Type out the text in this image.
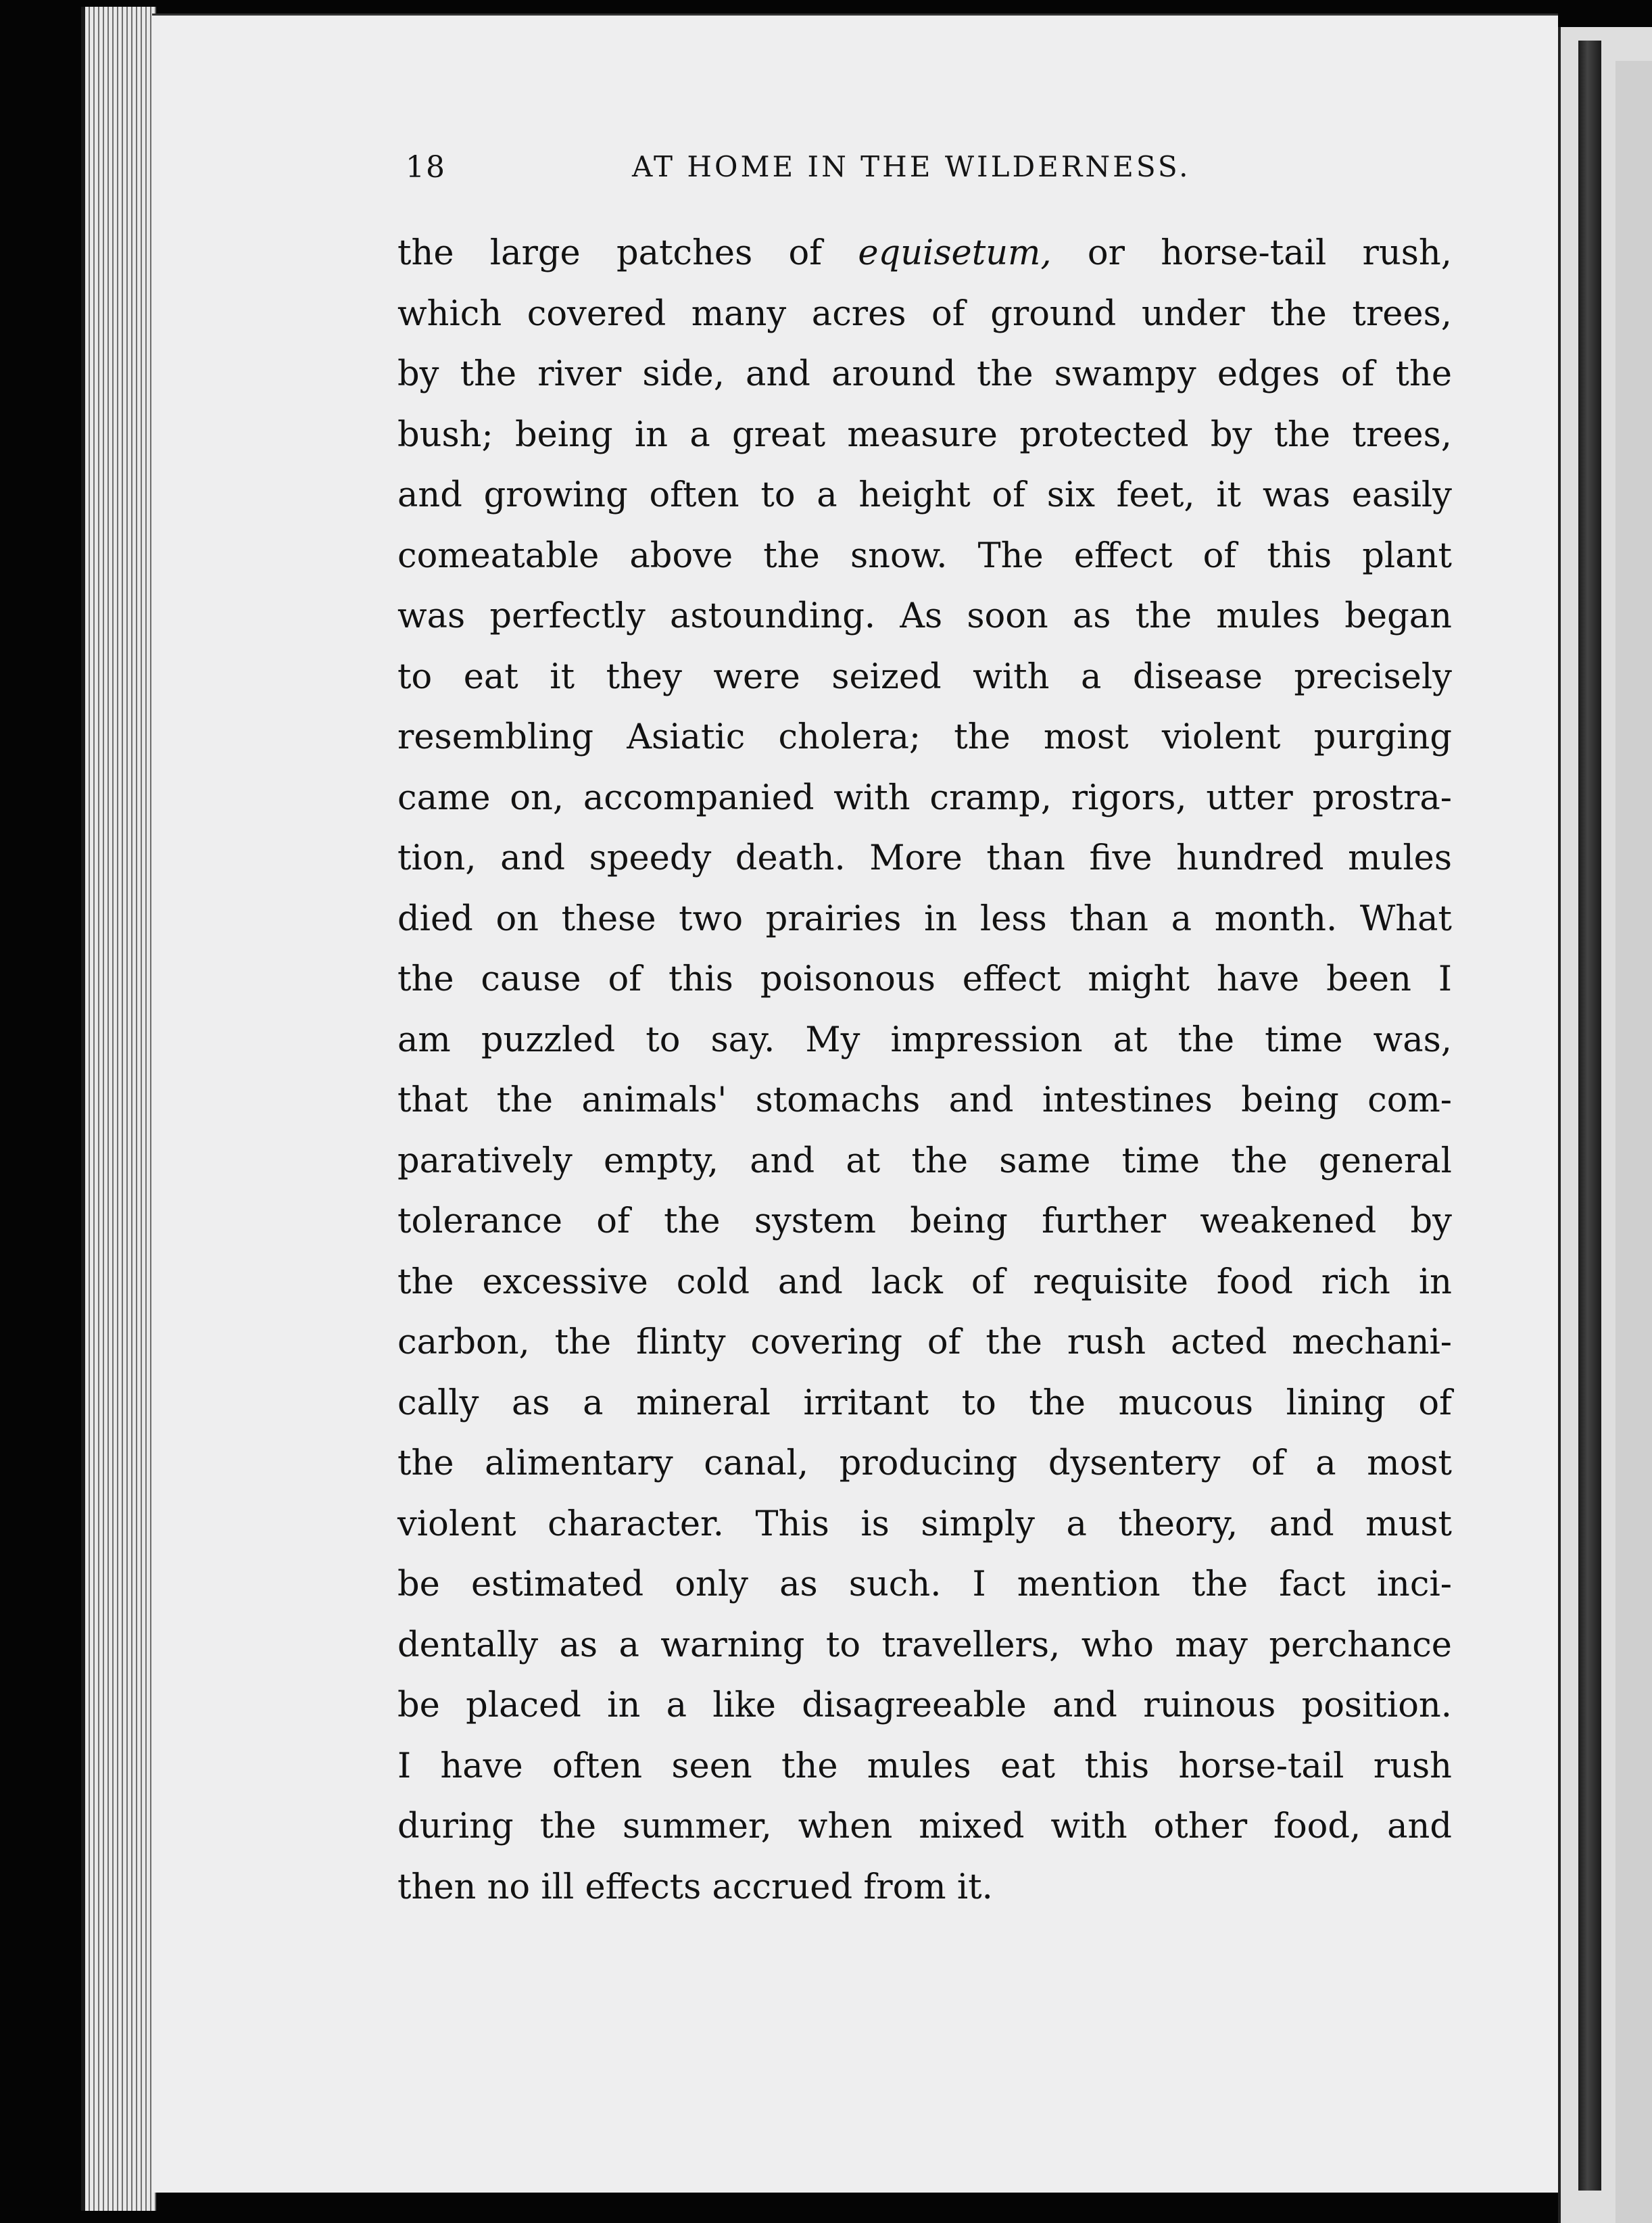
18	AT HOME IN THE WILDERNESS.
the large patches of equisetum, or horse-tail rush,
which covered many acres of ground under the trees,
by the river side, and around the swampy edges of the
bush; being in a great measure protected by the trees,
and growing often to a height of six feet, it was easily
comeatable above the snow. The effect of this plant
was perfectly astounding. As soon as the mules began
to eat it they were seized with a disease precisely
resembling Asiatic cholera; the most violent purging
came on, accompanied with cramp, rigors, utter prostra-
tion, and speedy death. More than five hundred mules
died on these two prairies in less than a month. What
the cause of this poisonous effect might have been I
am puzzled to say. My impression at the time was,
that the animals' stomachs and intestines being com-
paratively empty, and at the same time the general
tolerance of the system being further weakened by
the excessive cold and lack of requisite food rich in
carbon, the flinty covering of the rush acted mechani-
cally as a mineral irritant to the mucous lining of
the alimentary canal, producing dysentery of a most
violent character. This is simply a theory, and must
be estimated only as such. I mention the fact inci-
dentally as a warning to travellers, who may perchance
be placed in a like disagreeable and ruinous position.
I have often seen the mules eat this horse-tail rush
during the summer, when mixed with other food, and
then no ill effects accrued from it.
